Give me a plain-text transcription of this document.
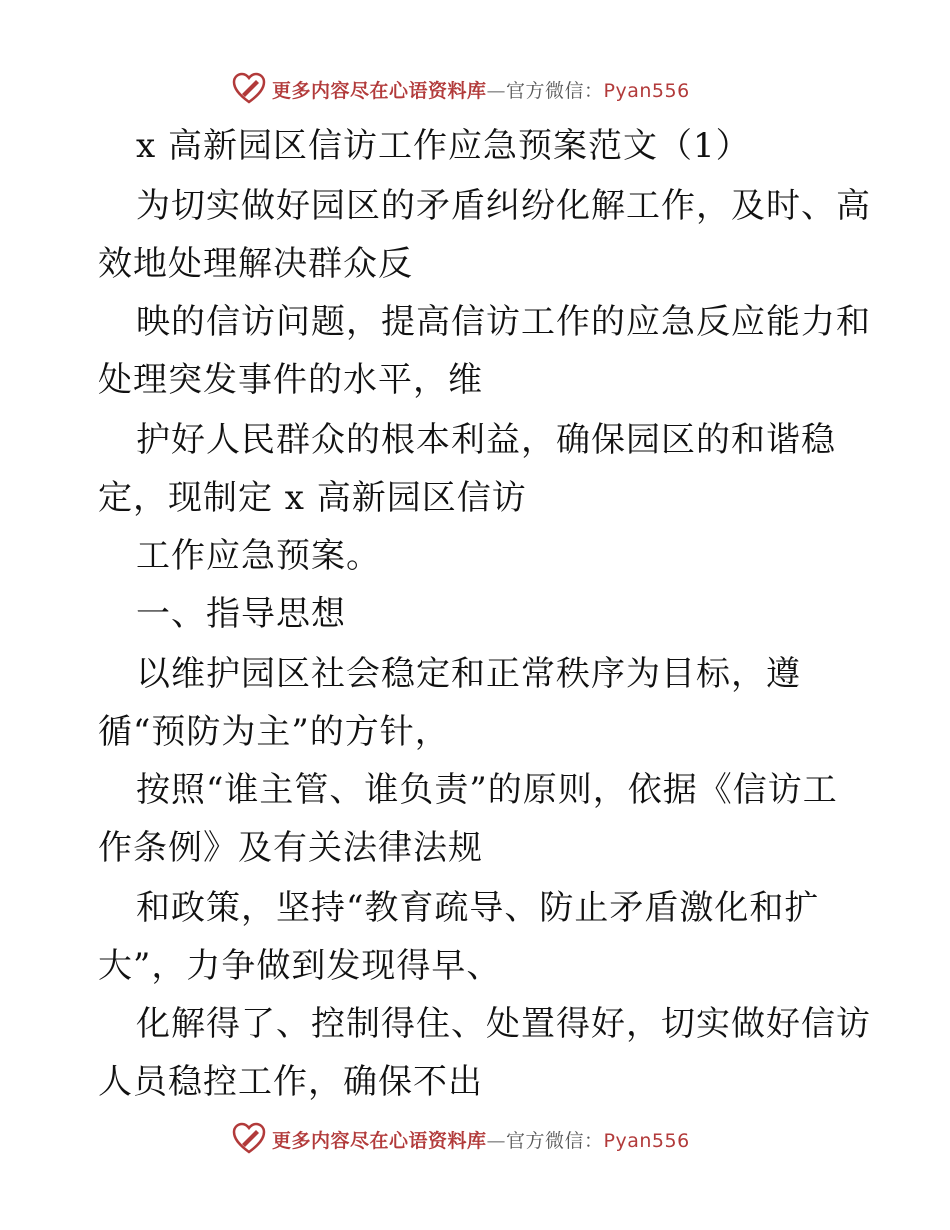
更多内容尽在心语资料库—官方微信：Pyan556
x 高新园区信访工作应急预案范文（1）
为切实做好园区的矛盾纠纷化解工作，及时、高
效地处理解决群众反
映的信访问题，提高信访工作的应急反应能力和
处理突发事件的水平，维
护好人民群众的根本利益，确保园区的和谐稳
定，现制定 x 高新园区信访
工作应急预案。
一、指导思想
以维护园区社会稳定和正常秩序为目标，遵
循“预防为主”的方针，
按照“谁主管、谁负责”的原则，依据《信访工
作条例》及有关法律法规
和政策，坚持“教育疏导、防止矛盾激化和扩
大”，力争做到发现得早、
化解得了、控制得住、处置得好，切实做好信访
人员稳控工作，确保不出
更多内容尽在心语资料库—官方微信：Pyan556
